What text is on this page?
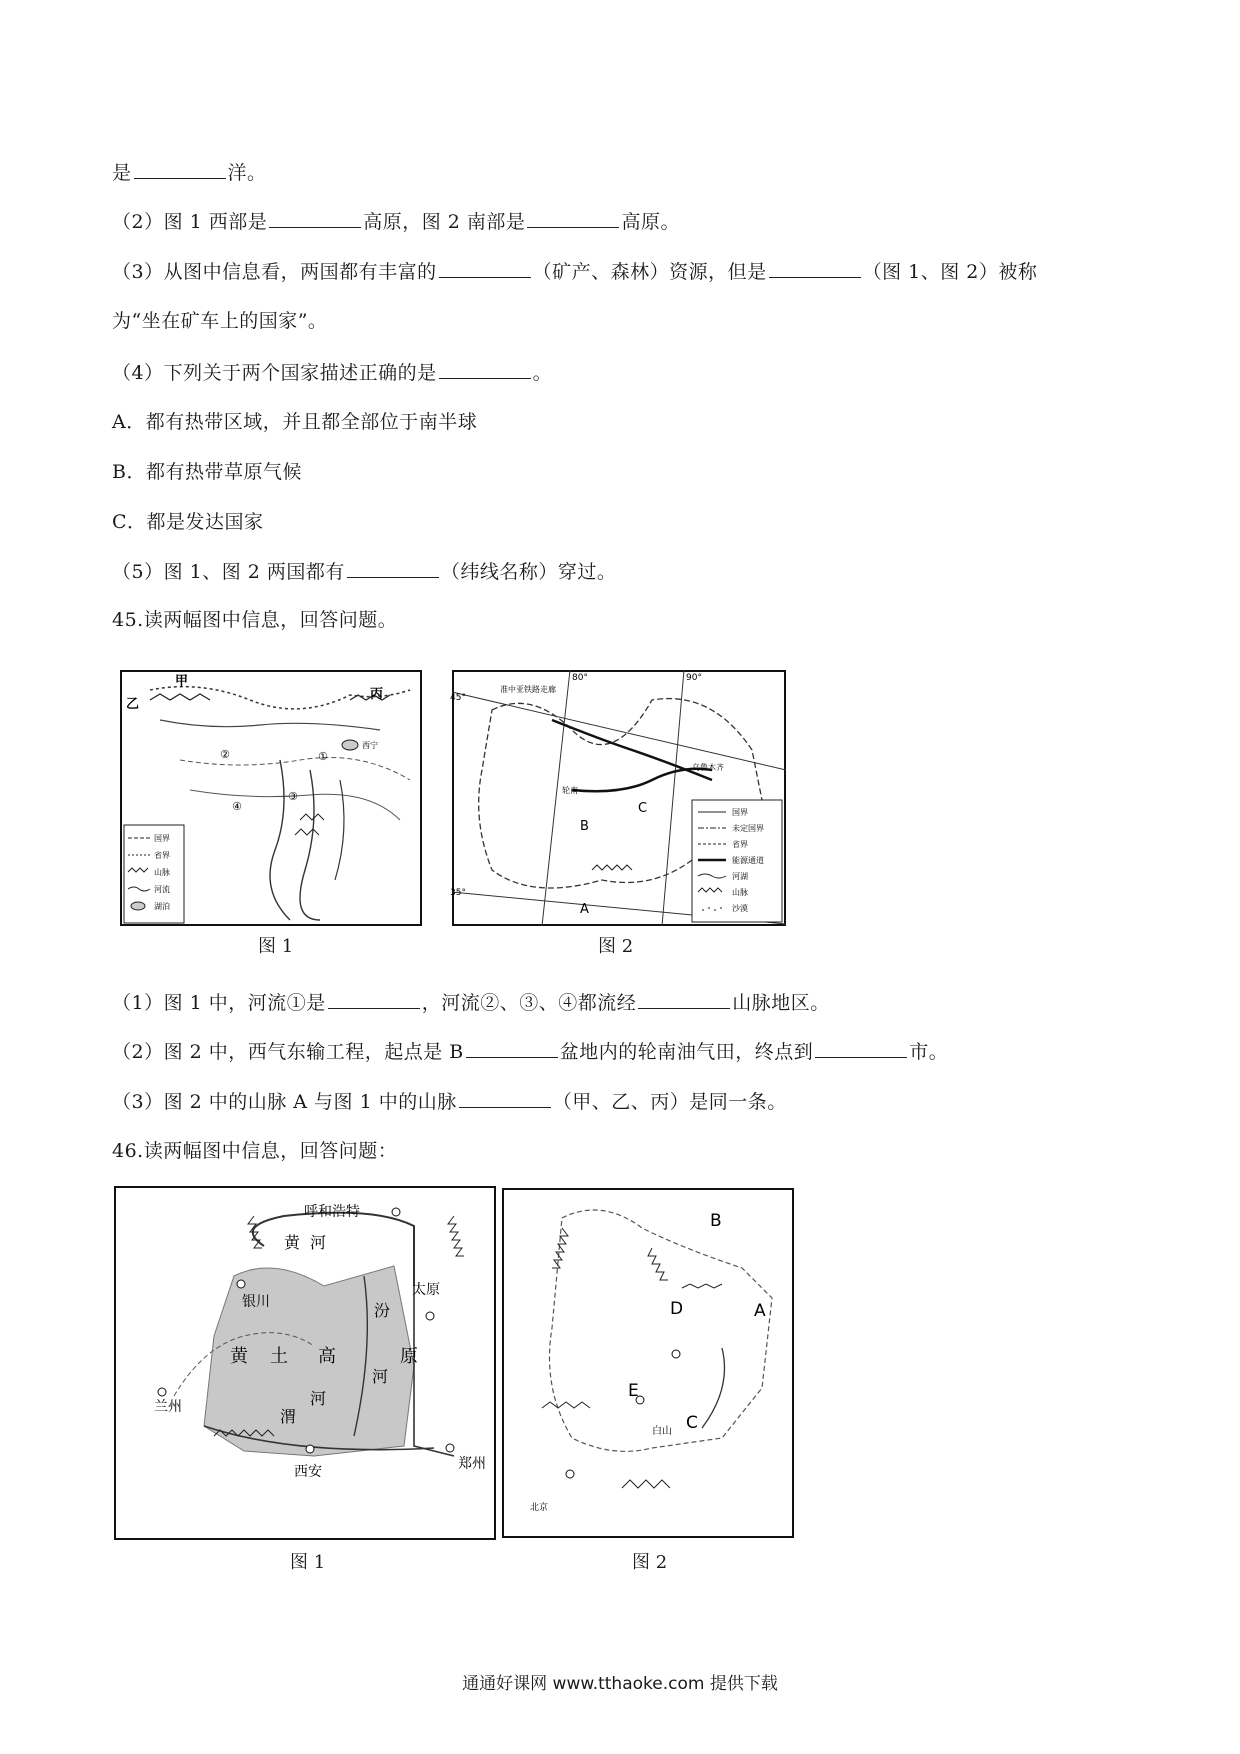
是	洋。
（2）图 1 西部是	高原，图 2 南部是	高原。
（3）从图中信息看，两国都有丰富的	（矿产、森林）资源，但是	（图 1、图 2）被称
为“坐在矿车上的国家”。
（4）下列关于两个国家描述正确的是	。
A．都有热带区域，并且都全部位于南半球
B．都有热带草原气候
C．都是发达国家
（5）图 1、图 2 两国都有	（纬线名称）穿过。
45.读两幅图中信息，回答问题。
甲
乙
丙
西宁
①
②
③
④
国界
省界
山脉
河流
湖泊
图 1
45°
35°
80°	90°
准中亚铁路走廊
乌鲁木齐
轮南
B
C
A
国界
未定国界
省界
能源通道
河湖
山脉
沙漠
图 2
（1）图 1 中，河流①是	，河流②、③、④都流经	山脉地区。
（2）图 2 中，西气东输工程，起点是 B	盆地内的轮南油气田，终点到	市。
（3）图 2 中的山脉 A 与图 1 中的山脉	（甲、乙、丙）是同一条。
46.读两幅图中信息，回答问题：
呼和浩特
黄 河
银川
太原
汾
兰州
黄 土 高	原
河
渭
河
西安	郑州
图 1
B
D	A
E
C
白山
北京
图 2
通通好课网 www.tthaoke.com 提供下载
